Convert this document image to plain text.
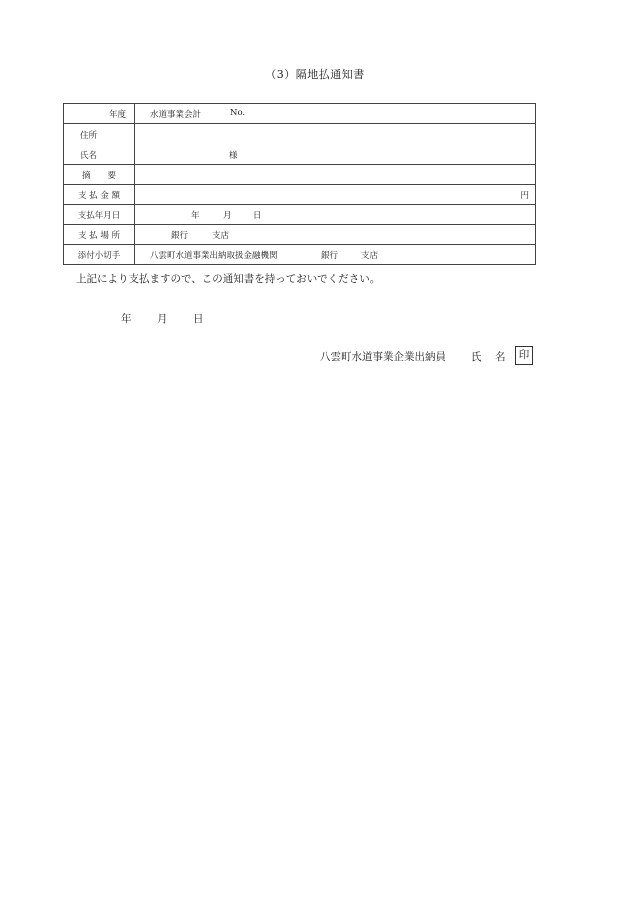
（3）隔地払通知書
年度	水道事業会計 No.

住所
氏名	様

摘　　要	
支 払 金 額	円

支払年月日	年 月 日

支 払 場 所	銀行 支店

添付小切手	八雲町水道事業出納取扱金融機関 銀行 支店
上記により支払ますので、この通知書を持っておいでください。
年 月 日
八雲町水道事業企業出納員 氏 名	印
